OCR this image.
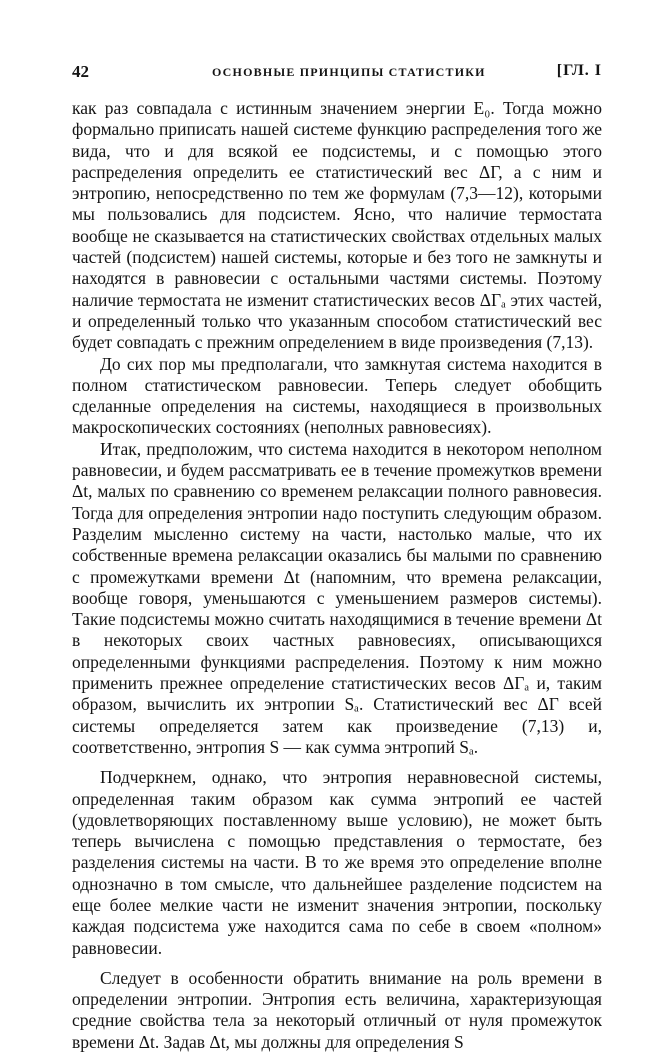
42	ОСНОВНЫЕ ПРИНЦИПЫ СТАТИСТИКИ	[ГЛ. I

как раз совпадала с истинным значением энергии E₀. Тогда можно формально приписать нашей системе функцию распределения того же вида, что и для всякой ее подсистемы, и с помощью этого распределения определить ее статистический вес ΔΓ, а с ним и энтропию, непосредственно по тем же формулам (7,3—12), которыми мы пользовались для подсистем. Ясно, что наличие термостата вообще не сказывается на статистических свойствах отдельных малых частей (подсистем) нашей системы, которые и без того не замкнуты и находятся в равновесии с остальными частями системы. Поэтому наличие термостата не изменит статистических весов ΔΓₐ этих частей, и определенный только что указанным способом статистический вес будет совпадать с прежним определением в виде произведения (7,13).

До сих пор мы предполагали, что замкнутая система находится в полном статистическом равновесии. Теперь следует обобщить сделанные определения на системы, находящиеся в произвольных макроскопических состояниях (неполных равновесиях).

Итак, предположим, что система находится в некотором неполном равновесии, и будем рассматривать ее в течение промежутков времени Δt, малых по сравнению со временем релаксации полного равновесия. Тогда для определения энтропии надо поступить следующим образом. Разделим мысленно систему на части, настолько малые, что их собственные времена релаксации оказались бы малыми по сравнению с промежутками времени Δt (напомним, что времена релаксации, вообще говоря, уменьшаются с уменьшением размеров системы). Такие подсистемы можно считать находящимися в течение времени Δt в некоторых своих частных равновесиях, описывающихся определенными функциями распределения. Поэтому к ним можно применить прежнее определение статистических весов ΔΓₐ и, таким образом, вычислить их энтропии Sₐ. Статистический вес ΔΓ всей системы определяется затем как произведение (7,13) и, соответственно, энтропия S — как сумма энтропий Sₐ.

Подчеркнем, однако, что энтропия неравновесной системы, определенная таким образом как сумма энтропий ее частей (удовлетворяющих поставленному выше условию), не может быть теперь вычислена с помощью представления о термостате, без разделения системы на части. В то же время это определение вполне однозначно в том смысле, что дальнейшее разделение подсистем на еще более мелкие части не изменит значения энтропии, поскольку каждая подсистема уже находится сама по себе в своем «полном» равновесии.

Следует в особенности обратить внимание на роль времени в определении энтропии. Энтропия есть величина, характеризующая средние свойства тела за некоторый отличный от нуля промежуток времени Δt. Задав Δt, мы должны для определения S
